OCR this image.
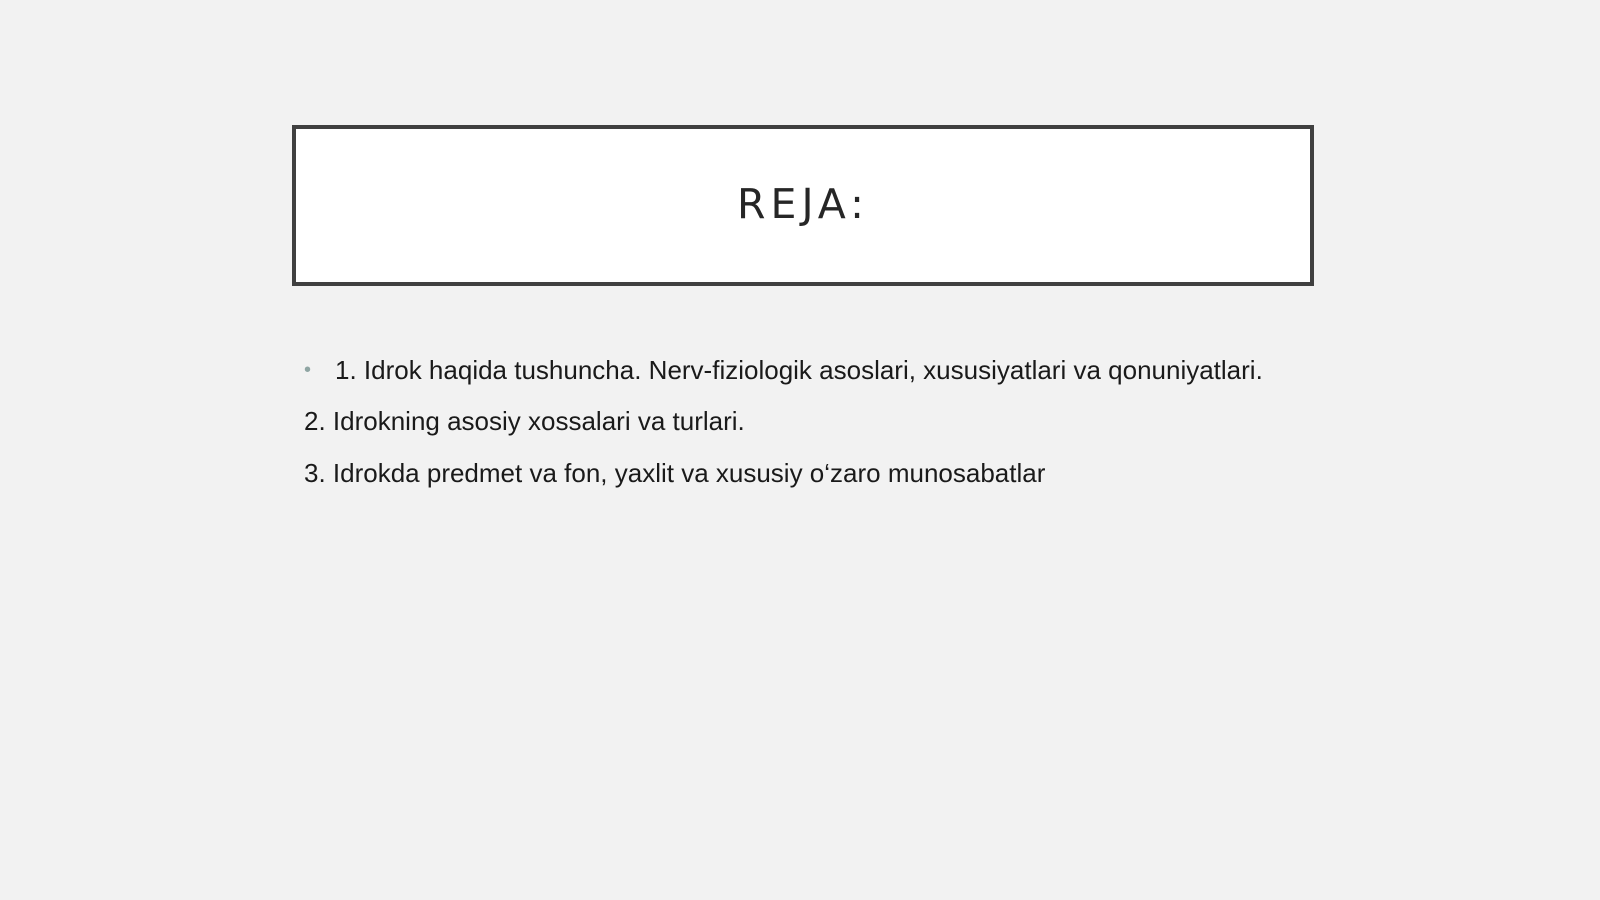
REJA:
• 1. Idrok haqida tushuncha. Nerv-fiziologik asoslari, xususiyatlari va qonuniyatlari.
2. Idrokning asosiy xossalari va turlari.
3. Idrokda predmet va fon, yaxlit va xususiy o‘zaro munosabatlar
